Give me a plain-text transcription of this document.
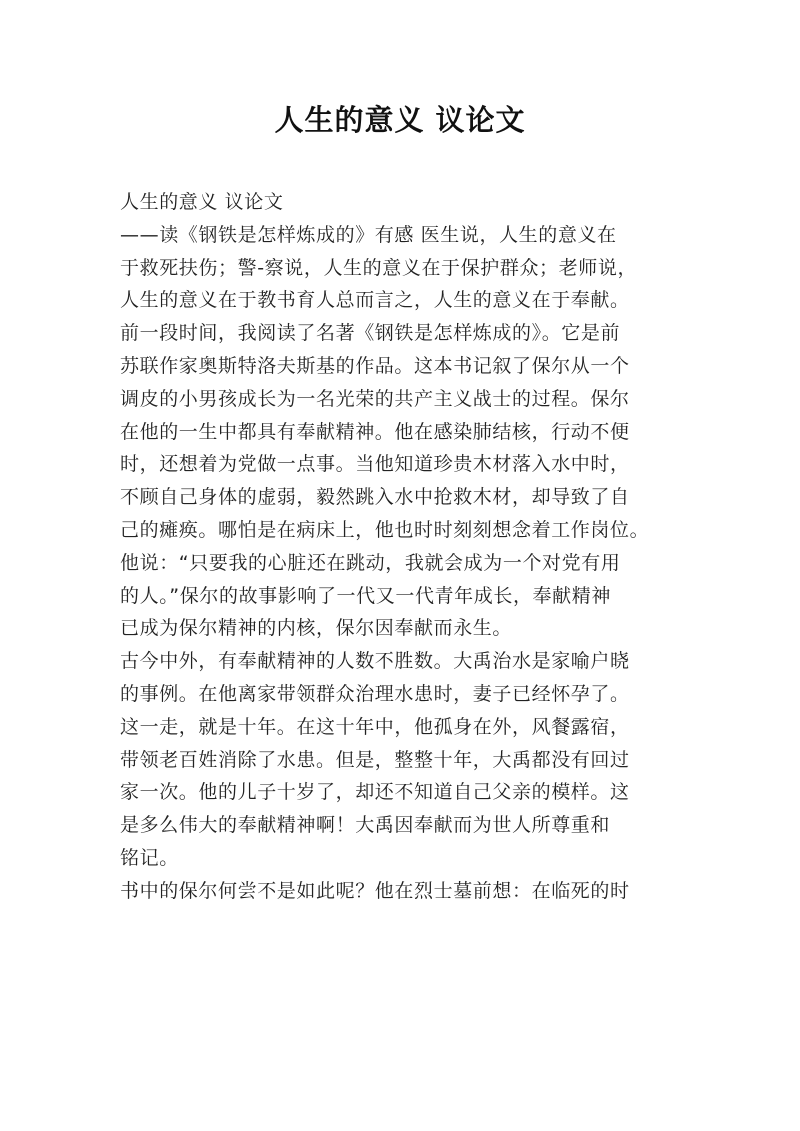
人生的意义 议论文
人生的意义 议论文
——读《钢铁是怎样炼成的》有感 医生说，人生的意义在
于救死扶伤；警-察说，人生的意义在于保护群众；老师说，
人生的意义在于教书育人总而言之，人生的意义在于奉献。
前一段时间，我阅读了名著《钢铁是怎样炼成的》。它是前
苏联作家奥斯特洛夫斯基的作品。这本书记叙了保尔从一个
调皮的小男孩成长为一名光荣的共产主义战士的过程。保尔
在他的一生中都具有奉献精神。他在感染肺结核，行动不便
时，还想着为党做一点事。当他知道珍贵木材落入水中时，
不顾自己身体的虚弱，毅然跳入水中抢救木材，却导致了自
己的瘫痪。哪怕是在病床上，他也时时刻刻想念着工作岗位。
他说：“只要我的心脏还在跳动，我就会成为一个对党有用
的人。”保尔的故事影响了一代又一代青年成长，奉献精神
已成为保尔精神的内核，保尔因奉献而永生。
古今中外，有奉献精神的人数不胜数。大禹治水是家喻户晓
的事例。在他离家带领群众治理水患时，妻子已经怀孕了。
这一走，就是十年。在这十年中，他孤身在外，风餐露宿，
带领老百姓消除了水患。但是，整整十年，大禹都没有回过
家一次。他的儿子十岁了，却还不知道自己父亲的模样。这
是多么伟大的奉献精神啊！大禹因奉献而为世人所尊重和
铭记。
书中的保尔何尝不是如此呢？他在烈士墓前想：在临死的时
